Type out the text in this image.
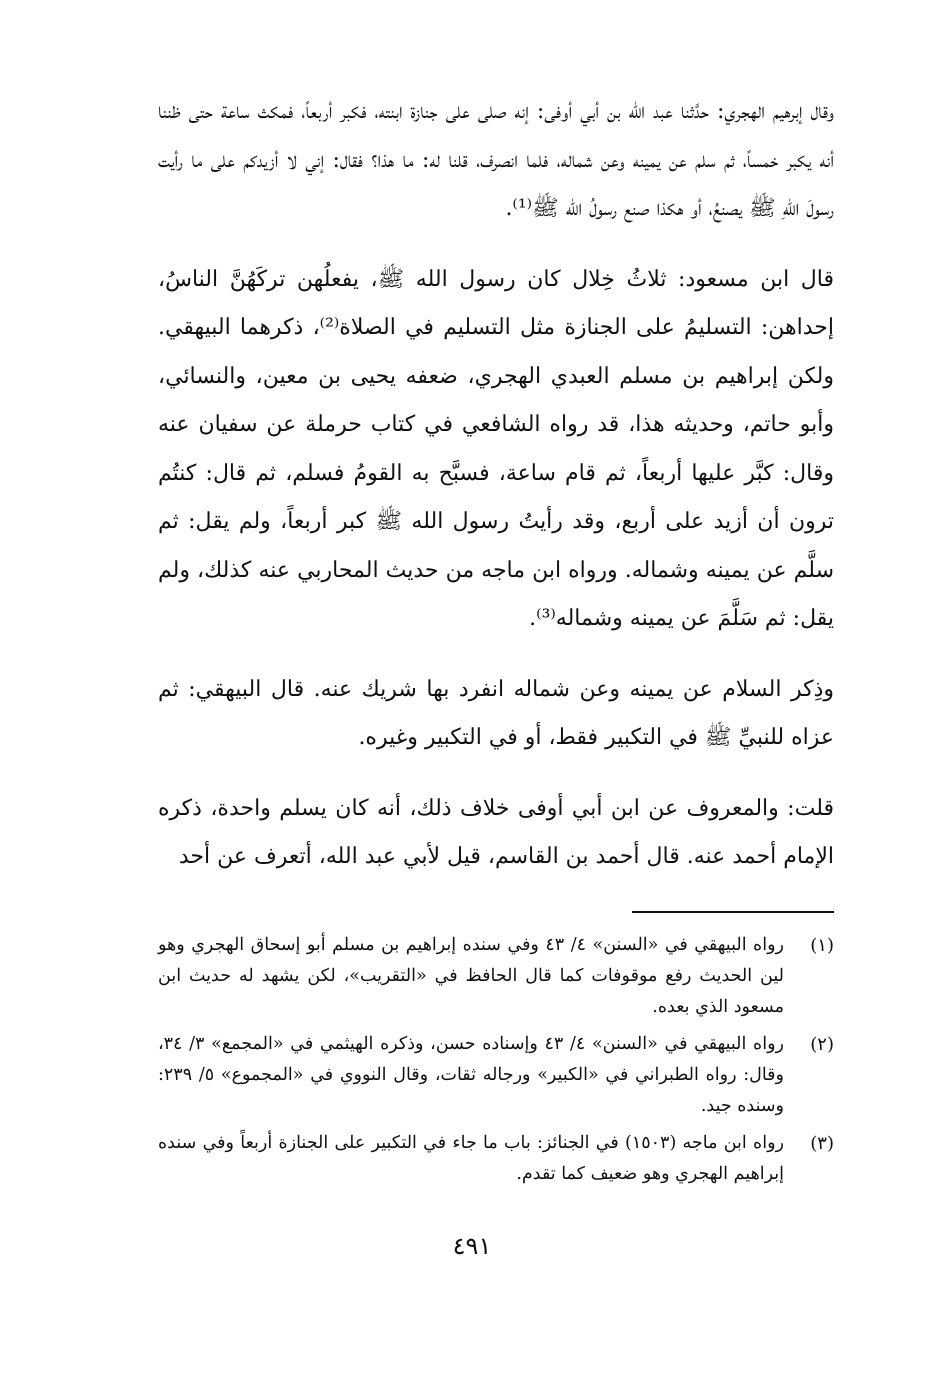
وقال إبرهيم الهجري: حدَّثنا عبد الله بن أبي أوفى: إنه صلى على جنازة ابنته، فكبر أربعاً، فمكث ساعة حتى ظننا أنه يكبر خمساً، ثم سلم عن يمينه وعن شماله، فلما انصرف، قلنا له: ما هذا؟ فقال: إني لا أزيدكم على ما رأيت رسولَ اللّهِ ﷺ يصنعُ، أو هكذا صنع رسولُ الله ﷺ⁽¹⁾.

قال ابن مسعود: ثلاثُ خِلال كان رسول الله ﷺ، يفعلُهن تركَهُنَّ الناسُ، إحداهن: التسليمُ على الجنازة مثل التسليم في الصلاة⁽²⁾، ذكرهما البيهقي. ولكن إبراهيم بن مسلم العبدي الهجري، ضعفه يحيى بن معين، والنسائي، وأبو حاتم، وحديثه هذا، قد رواه الشافعي في كتاب حرملة عن سفيان عنه وقال: كبَّر عليها أربعاً، ثم قام ساعة، فسبَّح به القومُ فسلم، ثم قال: كنتُم ترون أن أزيد على أربع، وقد رأيتُ رسول الله ﷺ كبر أربعاً، ولم يقل: ثم سلَّم عن يمينه وشماله. ورواه ابن ماجه من حديث المحاربي عنه كذلك، ولم يقل: ثم سَلَّمَ عن يمينه وشماله⁽³⁾.

وذِكر السلام عن يمينه وعن شماله انفرد بها شريك عنه. قال البيهقي: ثم عزاه للنبيِّ ﷺ في التكبير فقط، أو في التكبير وغيره.

قلت: والمعروف عن ابن أبي أوفى خلاف ذلك، أنه كان يسلم واحدة، ذكره الإمام أحمد عنه. قال أحمد بن القاسم، قيل لأبي عبد الله، أتعرف عن أحد

(١)
رواه البيهقي في «السنن» ٤/ ٤٣ وفي سنده إبراهيم بن مسلم أبو إسحاق الهجري وهو لين الحديث رفع موقوفات كما قال الحافظ في «التقريب»، لكن يشهد له حديث ابن مسعود الذي بعده.
(٢)
رواه البيهقي في «السنن» ٤/ ٤٣ وإسناده حسن، وذكره الهيثمي في «المجمع» ٣/ ٣٤، وقال: رواه الطبراني في «الكبير» ورجاله ثقات، وقال النووي في «المجموع» ٥/ ٢٣٩: وسنده جيد.
(٣)
رواه ابن ماجه (١٥٠٣) في الجنائز: باب ما جاء في التكبير على الجنازة أربعاً وفي سنده إبراهيم الهجري وهو ضعيف كما تقدم.
٤٩١
